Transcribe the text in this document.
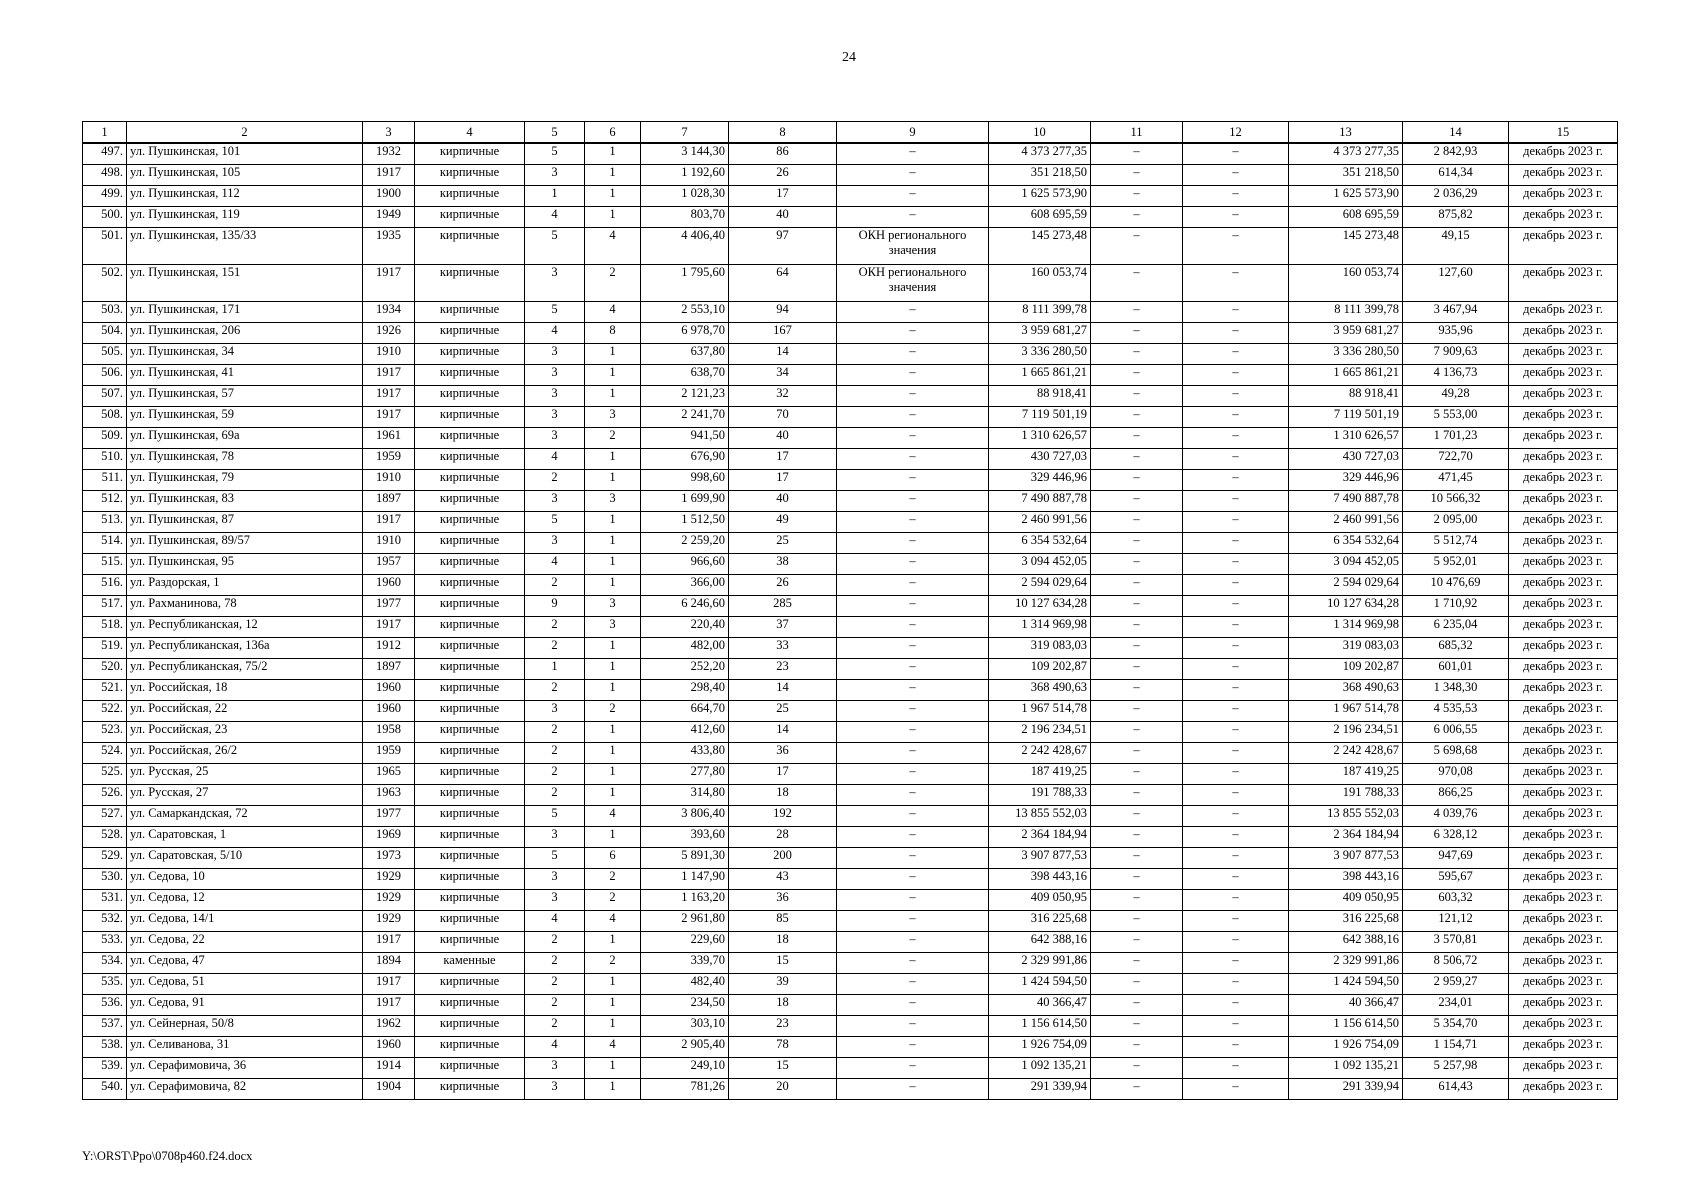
24
1	2	3	4	5	6	7	8	9	10	11	12	13	14	15
497.	ул. Пушкинская, 101	1932	кирпичные	5	1	3 144,30	86	–	4 373 277,35	–	–	4 373 277,35	2 842,93	декабрь 2023 г.
498.	ул. Пушкинская, 105	1917	кирпичные	3	1	1 192,60	26	–	351 218,50	–	–	351 218,50	614,34	декабрь 2023 г.
499.	ул. Пушкинская, 112	1900	кирпичные	1	1	1 028,30	17	–	1 625 573,90	–	–	1 625 573,90	2 036,29	декабрь 2023 г.
500.	ул. Пушкинская, 119	1949	кирпичные	4	1	803,70	40	–	608 695,59	–	–	608 695,59	875,82	декабрь 2023 г.
501.	ул. Пушкинская, 135/33	1935	кирпичные	5	4	4 406,40	97	ОКН регионального значения	145 273,48	–	–	145 273,48	49,15	декабрь 2023 г.
502.	ул. Пушкинская, 151	1917	кирпичные	3	2	1 795,60	64	ОКН регионального значения	160 053,74	–	–	160 053,74	127,60	декабрь 2023 г.
503.	ул. Пушкинская, 171	1934	кирпичные	5	4	2 553,10	94	–	8 111 399,78	–	–	8 111 399,78	3 467,94	декабрь 2023 г.
504.	ул. Пушкинская, 206	1926	кирпичные	4	8	6 978,70	167	–	3 959 681,27	–	–	3 959 681,27	935,96	декабрь 2023 г.
505.	ул. Пушкинская, 34	1910	кирпичные	3	1	637,80	14	–	3 336 280,50	–	–	3 336 280,50	7 909,63	декабрь 2023 г.
506.	ул. Пушкинская, 41	1917	кирпичные	3	1	638,70	34	–	1 665 861,21	–	–	1 665 861,21	4 136,73	декабрь 2023 г.
507.	ул. Пушкинская, 57	1917	кирпичные	3	1	2 121,23	32	–	88 918,41	–	–	88 918,41	49,28	декабрь 2023 г.
508.	ул. Пушкинская, 59	1917	кирпичные	3	3	2 241,70	70	–	7 119 501,19	–	–	7 119 501,19	5 553,00	декабрь 2023 г.
509.	ул. Пушкинская, 69а	1961	кирпичные	3	2	941,50	40	–	1 310 626,57	–	–	1 310 626,57	1 701,23	декабрь 2023 г.
510.	ул. Пушкинская, 78	1959	кирпичные	4	1	676,90	17	–	430 727,03	–	–	430 727,03	722,70	декабрь 2023 г.
511.	ул. Пушкинская, 79	1910	кирпичные	2	1	998,60	17	–	329 446,96	–	–	329 446,96	471,45	декабрь 2023 г.
512.	ул. Пушкинская, 83	1897	кирпичные	3	3	1 699,90	40	–	7 490 887,78	–	–	7 490 887,78	10 566,32	декабрь 2023 г.
513.	ул. Пушкинская, 87	1917	кирпичные	5	1	1 512,50	49	–	2 460 991,56	–	–	2 460 991,56	2 095,00	декабрь 2023 г.
514.	ул. Пушкинская, 89/57	1910	кирпичные	3	1	2 259,20	25	–	6 354 532,64	–	–	6 354 532,64	5 512,74	декабрь 2023 г.
515.	ул. Пушкинская, 95	1957	кирпичные	4	1	966,60	38	–	3 094 452,05	–	–	3 094 452,05	5 952,01	декабрь 2023 г.
516.	ул. Раздорская, 1	1960	кирпичные	2	1	366,00	26	–	2 594 029,64	–	–	2 594 029,64	10 476,69	декабрь 2023 г.
517.	ул. Рахманинова, 78	1977	кирпичные	9	3	6 246,60	285	–	10 127 634,28	–	–	10 127 634,28	1 710,92	декабрь 2023 г.
518.	ул. Республиканская, 12	1917	кирпичные	2	3	220,40	37	–	1 314 969,98	–	–	1 314 969,98	6 235,04	декабрь 2023 г.
519.	ул. Республиканская, 136а	1912	кирпичные	2	1	482,00	33	–	319 083,03	–	–	319 083,03	685,32	декабрь 2023 г.
520.	ул. Республиканская, 75/2	1897	кирпичные	1	1	252,20	23	–	109 202,87	–	–	109 202,87	601,01	декабрь 2023 г.
521.	ул. Российская, 18	1960	кирпичные	2	1	298,40	14	–	368 490,63	–	–	368 490,63	1 348,30	декабрь 2023 г.
522.	ул. Российская, 22	1960	кирпичные	3	2	664,70	25	–	1 967 514,78	–	–	1 967 514,78	4 535,53	декабрь 2023 г.
523.	ул. Российская, 23	1958	кирпичные	2	1	412,60	14	–	2 196 234,51	–	–	2 196 234,51	6 006,55	декабрь 2023 г.
524.	ул. Российская, 26/2	1959	кирпичные	2	1	433,80	36	–	2 242 428,67	–	–	2 242 428,67	5 698,68	декабрь 2023 г.
525.	ул. Русская, 25	1965	кирпичные	2	1	277,80	17	–	187 419,25	–	–	187 419,25	970,08	декабрь 2023 г.
526.	ул. Русская, 27	1963	кирпичные	2	1	314,80	18	–	191 788,33	–	–	191 788,33	866,25	декабрь 2023 г.
527.	ул. Самаркандская, 72	1977	кирпичные	5	4	3 806,40	192	–	13 855 552,03	–	–	13 855 552,03	4 039,76	декабрь 2023 г.
528.	ул. Саратовская, 1	1969	кирпичные	3	1	393,60	28	–	2 364 184,94	–	–	2 364 184,94	6 328,12	декабрь 2023 г.
529.	ул. Саратовская, 5/10	1973	кирпичные	5	6	5 891,30	200	–	3 907 877,53	–	–	3 907 877,53	947,69	декабрь 2023 г.
530.	ул. Седова, 10	1929	кирпичные	3	2	1 147,90	43	–	398 443,16	–	–	398 443,16	595,67	декабрь 2023 г.
531.	ул. Седова, 12	1929	кирпичные	3	2	1 163,20	36	–	409 050,95	–	–	409 050,95	603,32	декабрь 2023 г.
532.	ул. Седова, 14/1	1929	кирпичные	4	4	2 961,80	85	–	316 225,68	–	–	316 225,68	121,12	декабрь 2023 г.
533.	ул. Седова, 22	1917	кирпичные	2	1	229,60	18	–	642 388,16	–	–	642 388,16	3 570,81	декабрь 2023 г.
534.	ул. Седова, 47	1894	каменные	2	2	339,70	15	–	2 329 991,86	–	–	2 329 991,86	8 506,72	декабрь 2023 г.
535.	ул. Седова, 51	1917	кирпичные	2	1	482,40	39	–	1 424 594,50	–	–	1 424 594,50	2 959,27	декабрь 2023 г.
536.	ул. Седова, 91	1917	кирпичные	2	1	234,50	18	–	40 366,47	–	–	40 366,47	234,01	декабрь 2023 г.
537.	ул. Сейнерная, 50/8	1962	кирпичные	2	1	303,10	23	–	1 156 614,50	–	–	1 156 614,50	5 354,70	декабрь 2023 г.
538.	ул. Селиванова, 31	1960	кирпичные	4	4	2 905,40	78	–	1 926 754,09	–	–	1 926 754,09	1 154,71	декабрь 2023 г.
539.	ул. Серафимовича, 36	1914	кирпичные	3	1	249,10	15	–	1 092 135,21	–	–	1 092 135,21	5 257,98	декабрь 2023 г.
540.	ул. Серафимовича, 82	1904	кирпичные	3	1	781,26	20	–	291 339,94	–	–	291 339,94	614,43	декабрь 2023 г.
Y:\ORST\Ppo\0708p460.f24.docx
